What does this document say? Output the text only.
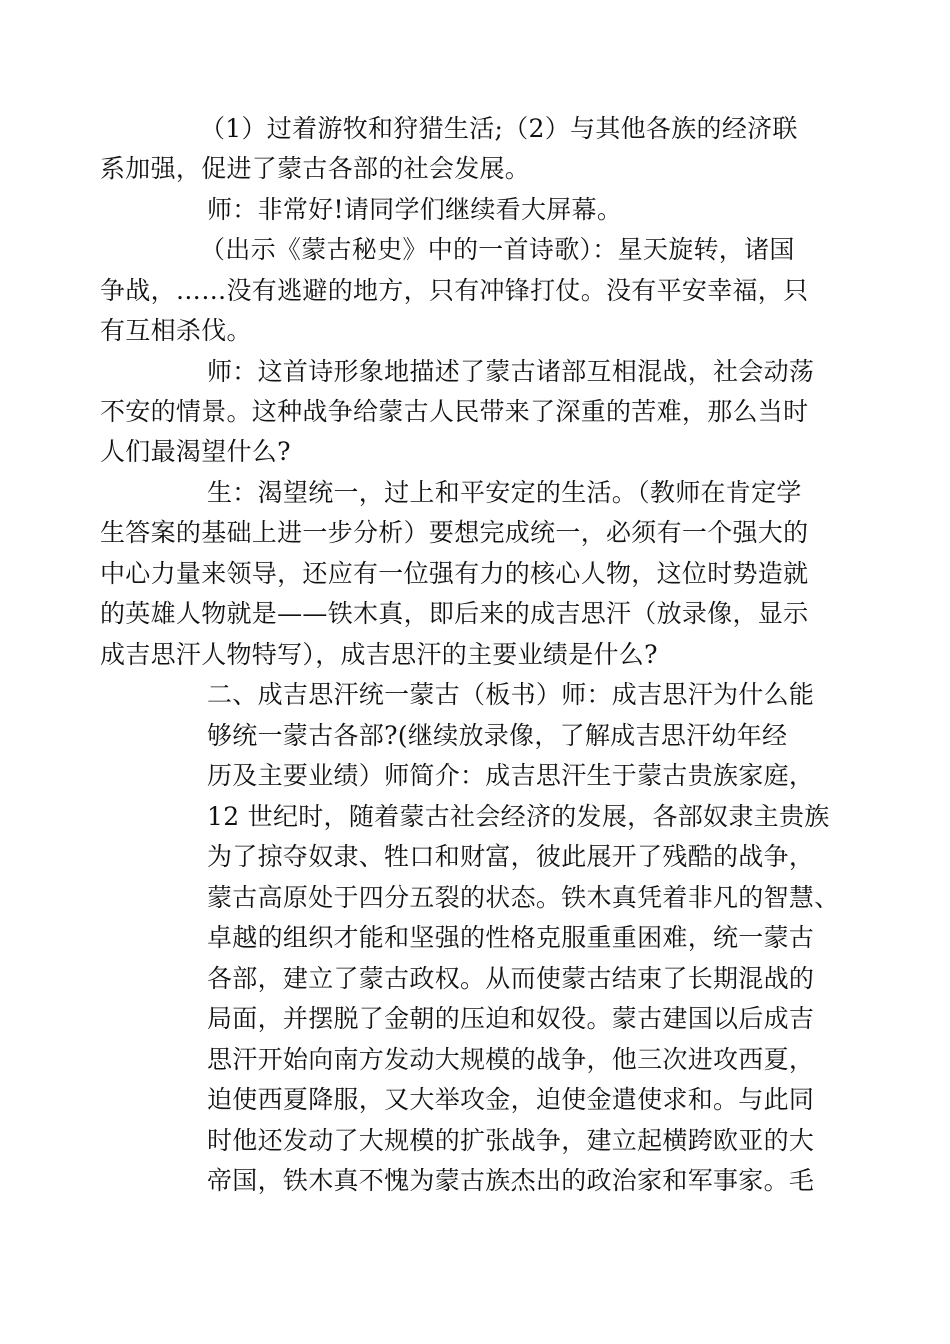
（1）过着游牧和狩猎生活;（2）与其他各族的经济联
系加强，促进了蒙古各部的社会发展。
师：非常好!请同学们继续看大屏幕。
（出示《蒙古秘史》中的一首诗歌）：星天旋转，诸国
争战，……没有逃避的地方，只有冲锋打仗。没有平安幸福，只
有互相杀伐。
师：这首诗形象地描述了蒙古诸部互相混战，社会动荡
不安的情景。这种战争给蒙古人民带来了深重的苦难，那么当时
人们最渴望什么?
生：渴望统一，过上和平安定的生活。（教师在肯定学
生答案的基础上进一步分析）要想完成统一，必须有一个强大的
中心力量来领导，还应有一位强有力的核心人物，这位时势造就
的英雄人物就是——铁木真，即后来的成吉思汗（放录像，显示
成吉思汗人物特写），成吉思汗的主要业绩是什么?
二、成吉思汗统一蒙古（板书）师：成吉思汗为什么能
够统一蒙古各部?(继续放录像，了解成吉思汗幼年经
历及主要业绩）师简介：成吉思汗生于蒙古贵族家庭，
12 世纪时，随着蒙古社会经济的发展，各部奴隶主贵族
为了掠夺奴隶、牲口和财富，彼此展开了残酷的战争，
蒙古高原处于四分五裂的状态。铁木真凭着非凡的智慧、
卓越的组织才能和坚强的性格克服重重困难，统一蒙古
各部，建立了蒙古政权。从而使蒙古结束了长期混战的
局面，并摆脱了金朝的压迫和奴役。蒙古建国以后成吉
思汗开始向南方发动大规模的战争，他三次进攻西夏，
迫使西夏降服，又大举攻金，迫使金遣使求和。与此同
时他还发动了大规模的扩张战争，建立起横跨欧亚的大
帝国，铁木真不愧为蒙古族杰出的政治家和军事家。毛
